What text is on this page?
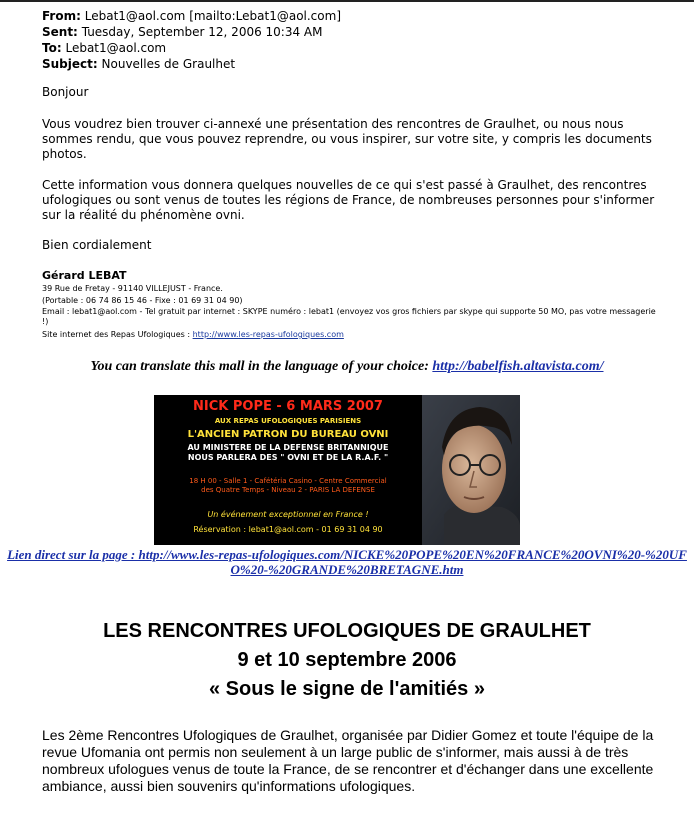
From: Lebat1@aol.com [mailto:Lebat1@aol.com]
Sent: Tuesday, September 12, 2006 10:34 AM
To: Lebat1@aol.com
Subject: Nouvelles de Graulhet
Bonjour
Vous voudrez bien trouver ci-annexé une présentation des rencontres de Graulhet, ou nous nous sommes rendu, que vous pouvez reprendre, ou vous inspirer, sur votre site, y compris les documents photos.
Cette information vous donnera quelques nouvelles de ce qui s'est passé à Graulhet, des rencontres ufologiques ou sont venus de toutes les régions de France, de nombreuses personnes pour s'informer sur la réalité du phénomène ovni.
Bien cordialement
Gérard LEBAT
39 Rue de Fretay - 91140 VILLEJUST - France.
(Portable : 06 74 86 15 46 - Fixe : 01 69 31 04 90)
Email : lebat1@aol.com - Tel gratuit par internet : SKYPE numéro : lebat1 (envoyez vos gros fichiers par skype qui supporte 50 MO, pas votre messagerie !)
Site internet des Repas Ufologiques : http://www.les-repas-ufologiques.com
You can translate this mall in the language of your choice: http://babelfish.altavista.com/
NICK POPE - 6 MARS 2007
AUX REPAS UFOLOGIQUES PARISIENS
L'ANCIEN PATRON DU BUREAU OVNI
AU MINISTERE DE LA DEFENSE BRITANNIQUE
NOUS PARLERA DES " OVNI ET DE LA R.A.F. "
18 H 00 - Salle 1 - Cafétéria Casino - Centre Commercial
des Quatre Temps - Niveau 2 - PARIS LA DEFENSE
Un événement exceptionnel en France !
Réservation : lebat1@aol.com - 01 69 31 04 90
Lien direct sur la page : http://www.les-repas-ufologiques.com/NICKE%20POPE%20EN%20FRANCE%20OVNI%20-%20UFO%20-%20GRANDE%20BRETAGNE.htm
LES RENCONTRES UFOLOGIQUES DE GRAULHET
9 et 10 septembre 2006
« Sous le signe de l'amitiés »
Les 2ème Rencontres Ufologiques de Graulhet, organisée par Didier Gomez et toute l'équipe de la revue Ufomania ont permis non seulement à un large public de s'informer, mais aussi à de très nombreux ufologues venus de toute la France, de se rencontrer et d'échanger dans une excellente ambiance, aussi bien souvenirs qu'informations ufologiques.
